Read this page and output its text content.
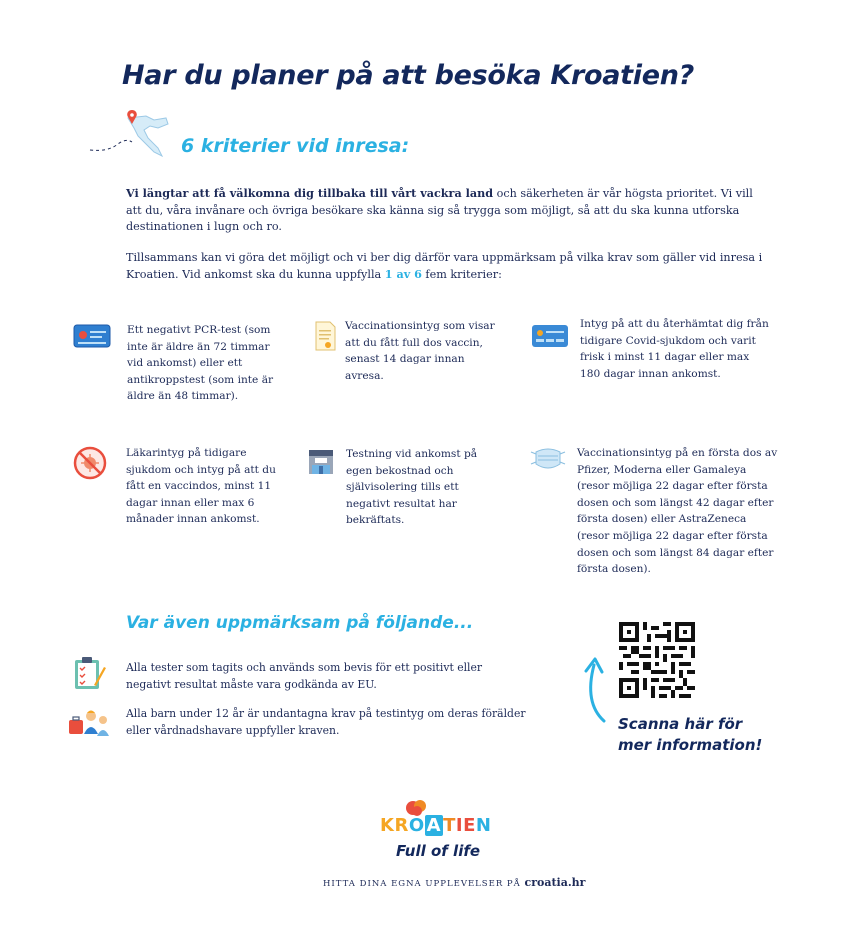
Har du planer på att besöka Kroatien?
6 kriterier vid inresa:

Vi längtar att få välkomna dig tillbaka till vårt vackra land och säkerheten är vår högsta prioritet. Vi vill att du, våra invånare och övriga besökare ska känna sig så trygga som möjligt, så att du ska kunna utforska destinationen i lugn och ro.

Tillsammans kan vi göra det möjligt och vi ber dig därför vara uppmärksam på vilka krav som gäller vid inresa i Kroatien. Vid ankomst ska du kunna uppfylla 1 av 6 fem kriterier:

Ett negativt PCR-test (som inte är äldre än 72 timmar vid ankomst) eller ett antikroppstest (som inte är äldre än 48 timmar).
Vaccinationsintyg som visar att du fått full dos vaccin, senast 14 dagar innan avresa.
Intyg på att du återhämtat dig från tidigare Covid-sjukdom och varit frisk i minst 11 dagar eller max 180 dagar innan ankomst.
Läkarintyg på tidigare sjukdom och intyg på att du fått en vaccindos, minst 11 dagar innan eller max 6 månader innan ankomst.
Testning vid ankomst på egen bekostnad och självisolering tills ett negativt resultat har bekräftats.
Vaccinationsintyg på en första dos av Pfizer, Moderna eller Gamaleya (resor möjliga 22 dagar efter första dosen och som längst 42 dagar efter första dosen) eller AstraZeneca (resor möjliga 22 dagar efter första dosen och som längst 84 dagar efter första dosen).
Var även uppmärksam på följande...
Alla tester som tagits och används som bevis för ett positivt eller negativt resultat måste vara godkända av EU.
Alla barn under 12 år är undantagna krav på testintyg om deras förälder eller vårdnadshavare uppfyller kraven.	Scanna här för mer information!
KRO A TIEN
Full of life
HITTA DINA EGNA UPPLEVELSER PÅ croatia.hr
